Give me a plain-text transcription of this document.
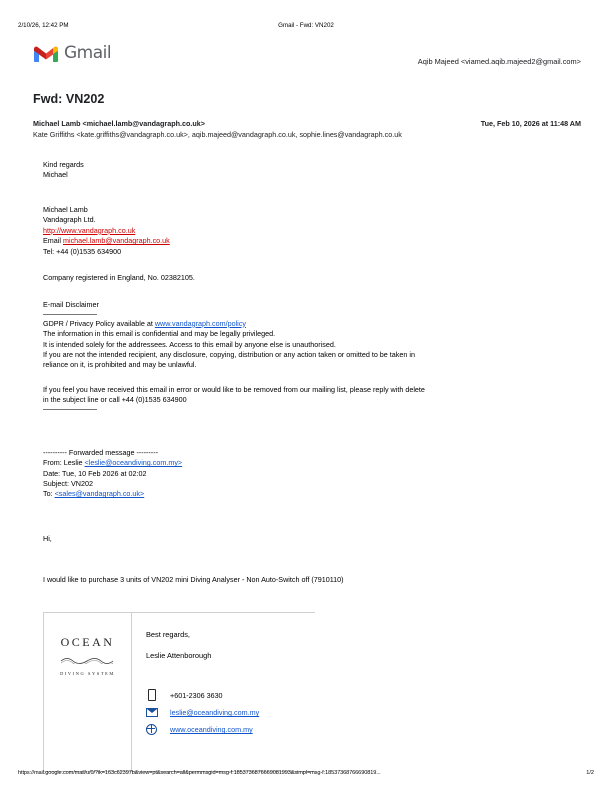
2/10/26, 12:42 PM	Gmail - Fwd: VN202
Gmail	Aqib Majeed <viamed.aqib.majeed2@gmail.com>
Fwd: VN202
Michael Lamb <michael.lamb@vandagraph.co.uk>	Tue, Feb 10, 2026 at 11:48 AM
Kate Griffiths <kate.griffiths@vandagraph.co.uk>, aqib.majeed@vandagraph.co.uk, sophie.lines@vandagraph.co.uk
Kind regards
Michael
Michael Lamb
Vandagraph Ltd.
http://www.vandagraph.co.uk
Email michael.lamb@vandagraph.co.uk
Tel: +44 (0)1535 634900
Company registered in England, No. 02382105.
E-mail Disclaimer
GDPR / Privacy Policy available at www.vandagraph.com/policy
The information in this email is confidential and may be legally privileged.
It is intended solely for the addressees. Access to this email by anyone else is unauthorised.
If you are not the intended recipient, any disclosure, copying, distribution or any action taken or omitted to be taken in
reliance on it, is prohibited and may be unlawful.
If you feel you have received this email in error or would like to be removed from our mailing list, please reply with delete
in the subject line or call +44 (0)1535 634900
---------- Forwarded message ---------
From: Leslie <leslie@oceandiving.com.my>
Date: Tue, 10 Feb 2026 at 02:02
Subject: VN202
To: <sales@vandagraph.co.uk>
Hi,
I would like to purchase 3 units of VN202 mini Diving Analyser - Non Auto-Switch off (7910110)
OCEAN
DIVING SYSTEM
Best regards,
Leslie Attenborough
+601-2306 3630
leslie@oceandiving.com.my
www.oceandiving.com.my
https://mail.google.com/mail/u/0/?ik=163c62397b&view=pt&search=all&permmsgid=msg-f:1853736876669081993&simpl=msg-f:18537368766690819...	1/2
